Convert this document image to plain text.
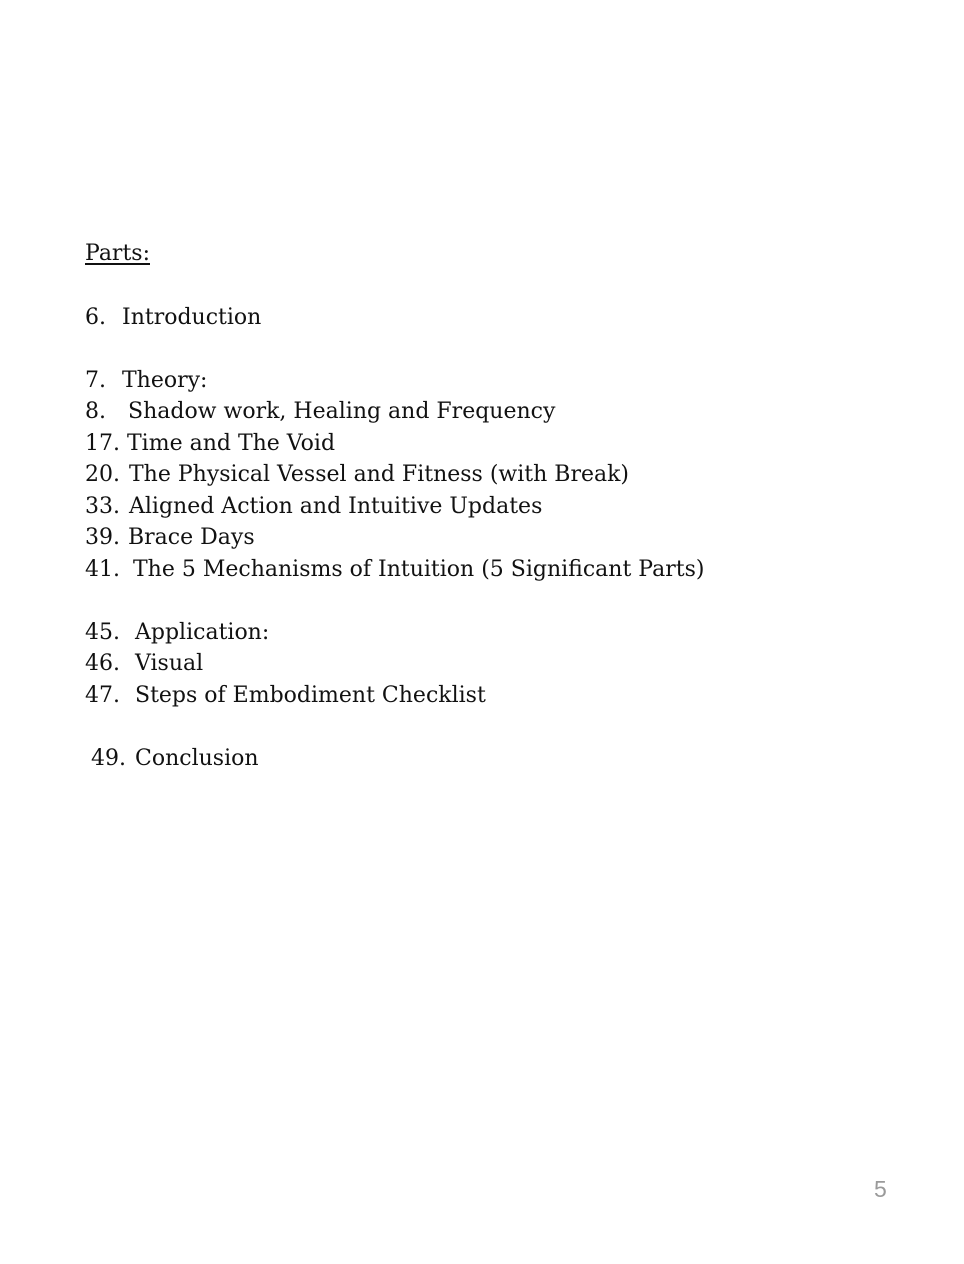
Parts:
6. Introduction
7. Theory:
8. Shadow work, Healing and Frequency
17. Time and The Void
20. The Physical Vessel and Fitness (with Break)
33. Aligned Action and Intuitive Updates
39. Brace Days
41. The 5 Mechanisms of Intuition (5 Significant Parts)
45. Application:
46. Visual
47. Steps of Embodiment Checklist
49. Conclusion
5
